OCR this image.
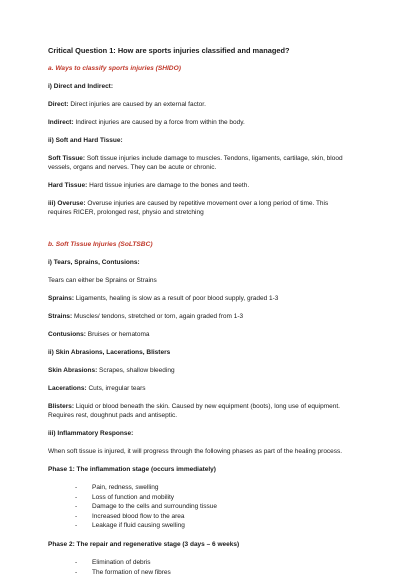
Critical Question 1: How are sports injuries classified and managed?
a. Ways to classify sports injuries (SHIDO)
i) Direct and Indirect:

Direct: Direct injuries are caused by an external factor.

Indirect: Indirect injuries are caused by a force from within the body.

ii) Soft and Hard Tissue:

Soft Tissue: Soft tissue injuries include damage to muscles. Tendons, ligaments, cartilage, skin, blood vessels, organs and nerves. They can be acute or chronic.

Hard Tissue: Hard tissue injuries are damage to the bones and teeth.

iii) Overuse: Overuse injuries are caused by repetitive movement over a long period of time. This requires RICER, prolonged rest, physio and stretching

b. Soft Tissue Injuries (SoLTSBC)
i) Tears, Sprains, Contusions:

Tears can either be Sprains or Strains

Sprains: Ligaments, healing is slow as a result of poor blood supply, graded 1-3

Strains: Muscles/ tendons, stretched or torn, again graded from 1-3

Contusions: Bruises or hematoma

ii) Skin Abrasions, Lacerations, Blisters

Skin Abrasions: Scrapes, shallow bleeding

Lacerations: Cuts, irregular tears

Blisters: Liquid or blood beneath the skin. Caused by new equipment (boots), long use of equipment. Requires rest, doughnut pads and antiseptic.

iii) Inflammatory Response:

When soft tissue is injured, it will progress through the following phases as part of the healing process.

Phase 1: The inflammation stage (occurs immediately)
- Pain, redness, swelling
- Loss of function and mobility
- Damage to the cells and surrounding tissue
- Increased blood flow to the area
- Leakage if fluid causing swelling
Phase 2: The repair and regenerative stage (3 days – 6 weeks)
- Elimination of debris
- The formation of new fibres
